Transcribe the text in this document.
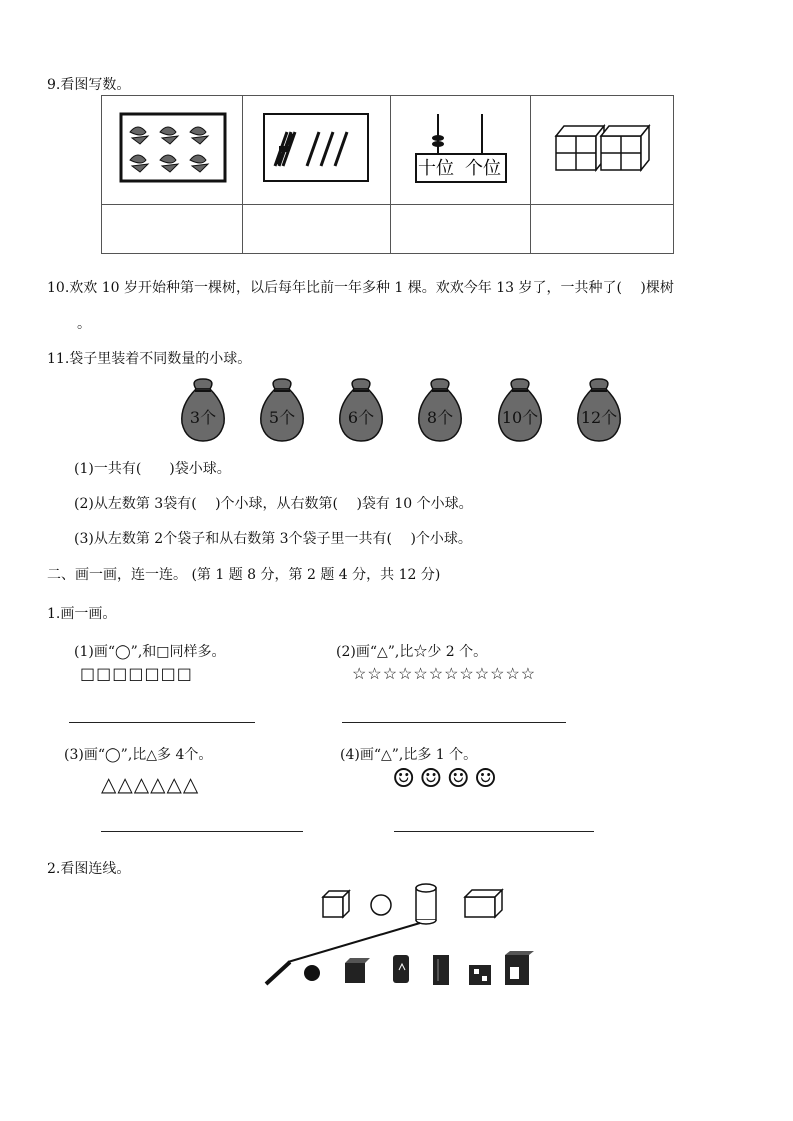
9.看图写数。

十位 个位

10.欢欢 10 岁开始种第一棵树，以后每年比前一年多种 1 棵。欢欢今年 13 岁了，一共种了(　 )棵树
。
11.袋子里装着不同数量的小球。
3个	5个	6个	8个	10个	12个
(1)一共有(　　)袋小球。
(2)从左数第 3袋有(　 )个小球，从右数第(　 )袋有 10 个小球。
(3)从左数第 2个袋子和从右数第 3个袋子里一共有(　 )个小球。
二、画一画，连一连。 (第 1 题 8 分，第 2 题 4 分，共 12 分)
1.画一画。
(1)画“◯”,和□同样多。
□□□□□□□
(2)画“△”,比☆少 2 个。
☆☆☆☆☆☆☆☆☆☆☆☆
(3)画“◯”,比△多 4个。
△△△△△△
(4)画“△”,比多 1 个。
☺☺☺☺
2.看图连线。
